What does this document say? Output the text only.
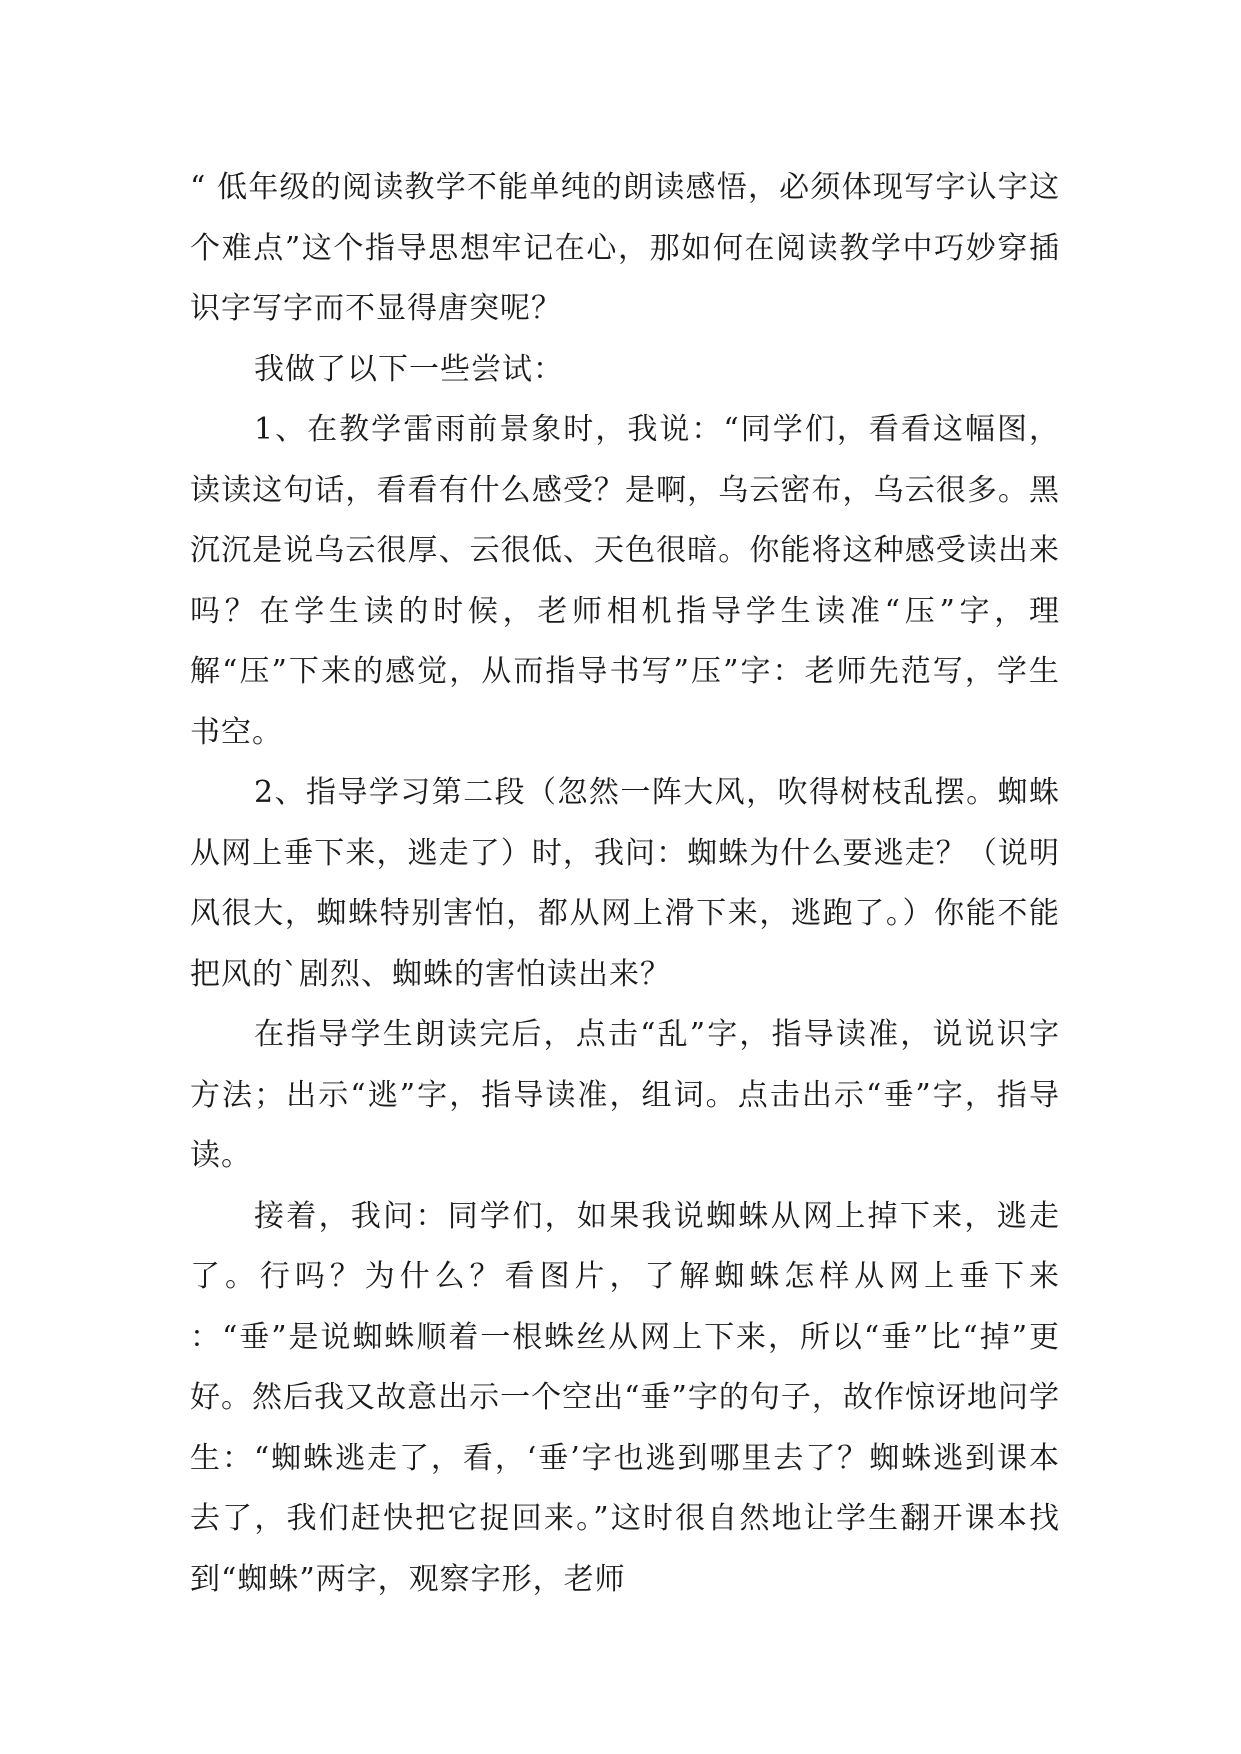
“ 低年级的阅读教学不能单纯的朗读感悟，必须体现写字认字这个难点”这个指导思想牢记在心，那如何在阅读教学中巧妙穿插识字写字而不显得唐突呢？

我做了以下一些尝试：

1、在教学雷雨前景象时，我说：“同学们，看看这幅图，读读这句话，看看有什么感受？是啊，乌云密布，乌云很多。黑沉沉是说乌云很厚、云很低、天色很暗。你能将这种感受读出来吗？在学生读的时候，老师相机指导学生读准“压”字，理解“压”下来的感觉，从而指导书写”压”字：老师先范写，学生书空。

2、指导学习第二段（忽然一阵大风，吹得树枝乱摆。蜘蛛从网上垂下来，逃走了）时，我问：蜘蛛为什么要逃走？（说明风很大，蜘蛛特别害怕，都从网上滑下来，逃跑了。）你能不能把风的`剧烈、蜘蛛的害怕读出来？

在指导学生朗读完后，点击“乱”字，指导读准，说说识字方法；出示“逃”字，指导读准，组词。点击出示“垂”字，指导读。

接着，我问：同学们，如果我说蜘蛛从网上掉下来，逃走了。行吗？为什么？看图片，了解蜘蛛怎样从网上垂下来 ：“垂”是说蜘蛛顺着一根蛛丝从网上下来，所以“垂”比“掉”更好。然后我又故意出示一个空出“垂”字的句子，故作惊讶地问学生：“蜘蛛逃走了，看，‘垂’字也逃到哪里去了？蜘蛛逃到课本去了，我们赶快把它捉回来。”这时很自然地让学生翻开课本找到“蜘蛛”两字，观察字形，老师
